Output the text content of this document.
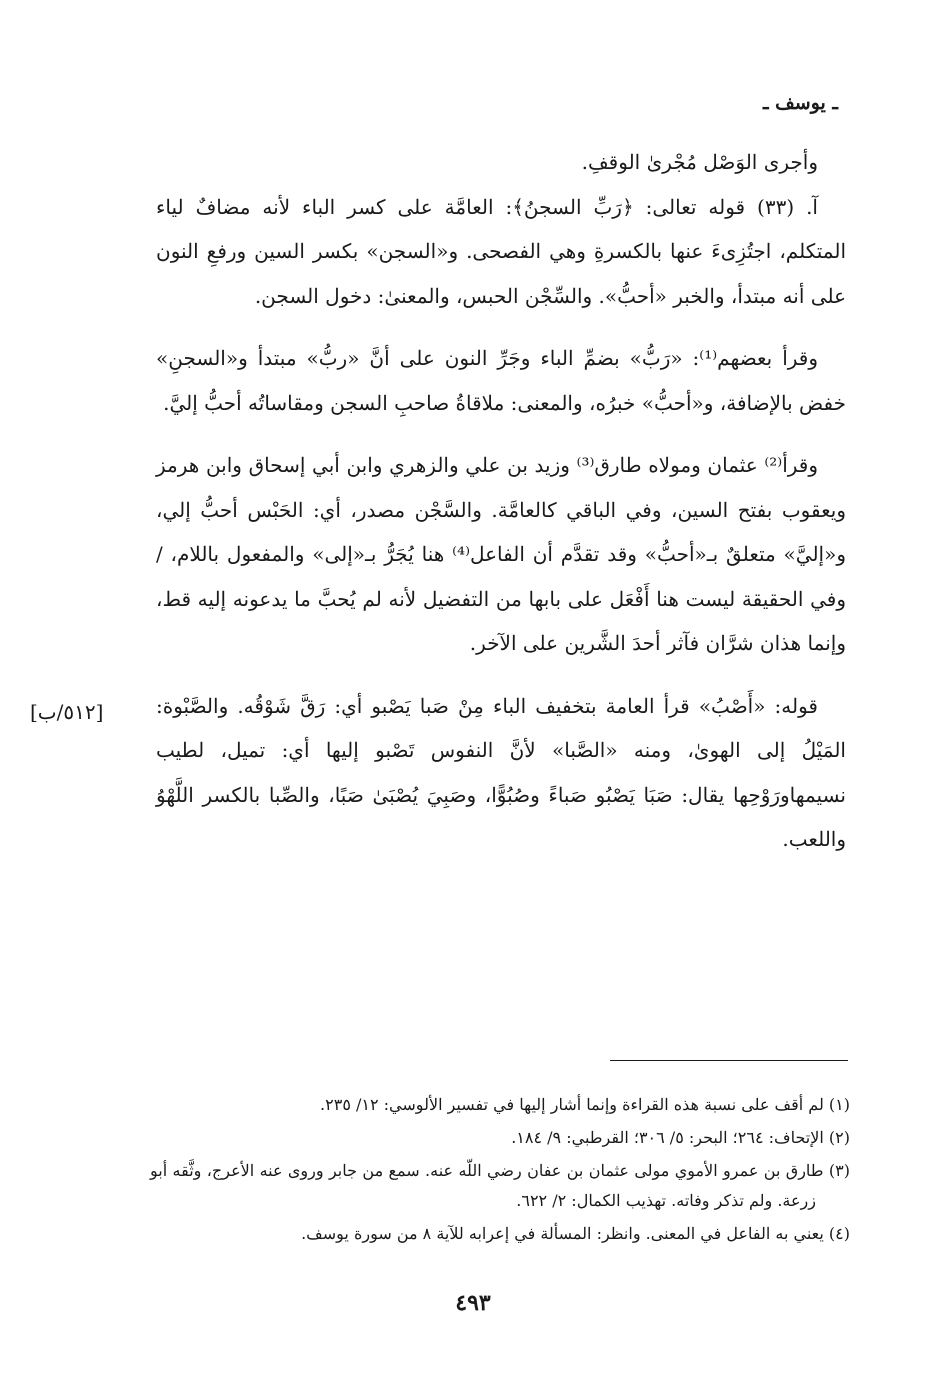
ـ يوسف ـ

وأجرى الوَصْل مُجْرىٰ الوقفِ.

آ. (٣٣) قوله تعالى: ﴿رَبِّ السجنُ﴾: العامَّة على كسر الباء لأنه مضافٌ لياء المتكلم، اجتُزِىءَ عنها بالكسرةِ وهي الفصحى. و«السجن» بكسر السين ورفعِ النون على أنه مبتدأ، والخبر «أحبُّ». والسِّجْن الحبس، والمعنىٰ: دخول السجن.

وقرأ بعضهم⁽¹⁾: «رَبُّ» بضمِّ الباء وجَرِّ النون على أنَّ «ربُّ» مبتدأ و«السجنِ» خفض بالإضافة، و«أحبُّ» خبرُه، والمعنى: ملاقاةُ صاحبِ السجن ومقاساتُه أحبُّ إليَّ.

وقرأ⁽²⁾ عثمان ومولاه طارق⁽³⁾ وزيد بن علي والزهري وابن أبي إسحاق وابن هرمز ويعقوب بفتح السين، وفي الباقي كالعامَّة. والسَّجْن مصدر، أي: الحَبْس أحبُّ إلي، و«إليَّ» متعلقٌ بـ«أحبُّ» وقد تقدَّم أن الفاعل⁽⁴⁾ هنا يُجَرُّ بـ«إلى» والمفعول باللام، / وفي الحقيقة ليست هنا أَفْعَل على بابها من التفضيل لأنه لم يُحبَّ ما يدعونه إليه قط، وإنما هذان شرَّان فآثر أحدَ الشَّرين على الآخر.

قوله: «أَصْبُ» قرأ العامة بتخفيف الباء مِنْ صَبا يَصْبو أي: رَقَّ شَوْقُه. والصَّبْوة: المَيْلُ إلى الهوىٰ، ومنه «الصَّبا» لأنَّ النفوس تَصْبو إليها أي: تميل، لطيب نسيمهاورَوْحِها يقال: صَبَا يَصْبُو صَباءً وصُبُوًّا، وصَبِيَ يُصْبَىٰ صَبًا، والصِّبا بالكسر اللَّهْوُ واللعب.

[٥١٢/ب]

(١) لم أقف على نسبة هذه القراءة وإنما أشار إليها في تفسير الألوسي: ١٢/ ٢٣٥.

(٢) الإتحاف: ٢٦٤؛ البحر: ٥/ ٣٠٦؛ القرطبي: ٩/ ١٨٤.

(٣) طارق بن عمرو الأموي مولى عثمان بن عفان رضي اللّه عنه. سمع من جابر وروى عنه الأعرج، وثَّقه أبو زرعة. ولم تذكر وفاته. تهذيب الكمال: ٢/ ٦٢٢.

(٤) يعني به الفاعل في المعنى. وانظر: المسألة في إعرابه للآية ٨ من سورة يوسف.

٤٩٣
